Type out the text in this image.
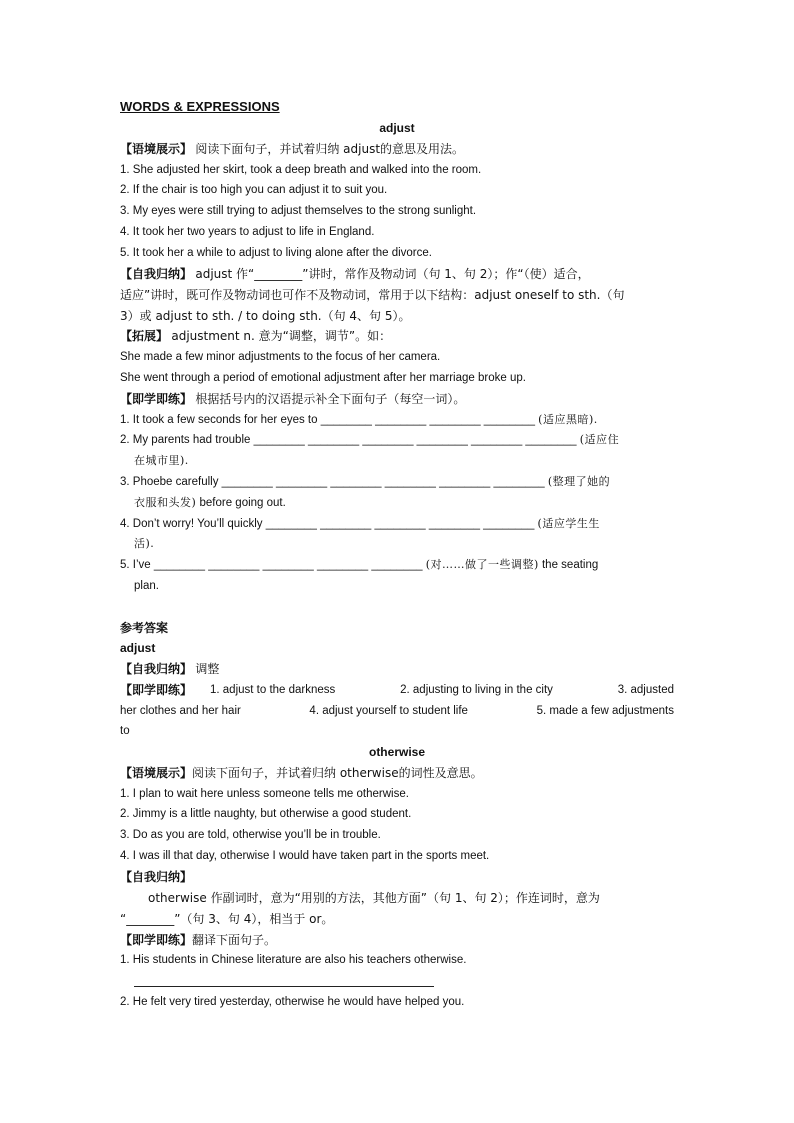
WORDS & EXPRESSIONS
adjust
【语境展示】 阅读下面句子，并试着归纳 adjust的意思及用法。
1. She adjusted her skirt, took a deep breath and walked into the room.
2. If the chair is too high you can adjust it to suit you.
3. My eyes were still trying to adjust themselves to the strong sunlight.
4. It took her two years to adjust to life in England.
5. It took her a while to adjust to living alone after the divorce.
【自我归纳】 adjust 作“________”讲时，常作及物动词（句 1、句 2）；作“（使）适合，
适应”讲时，既可作及物动词也可作不及物动词，常用于以下结构：adjust oneself to sth.（句
3）或 adjust to sth. / to doing sth.（句 4、句 5）。
【拓展】 adjustment n. 意为“调整，调节”。如：
She made a few minor adjustments to the focus of her camera.
She went through a period of emotional adjustment after her marriage broke up.
【即学即练】 根据括号内的汉语提示补全下面句子（每空一词）。
1. It took a few seconds for her eyes to ________ ________ ________ ________ (适应黑暗).
2. My parents had trouble ________ ________ ________ ________ ________ ________ (适应住
在城市里).
3. Phoebe carefully ________ ________ ________ ________ ________ ________ (整理了她的
衣服和头发) before going out.
4. Don’t worry! You’ll quickly ________ ________ ________ ________ ________ (适应学生生
活).
5. I’ve ________ ________ ________ ________ ________ (对……做了一些调整) the seating
plan.
参考答案
adjust
【自我归纳】 调整
【即学即练】	1. adjust to the darkness	2. adjusting to living in the city	3. adjusted
her clothes and her hair	4. adjust yourself to student life	5. made a few adjustments
to
otherwise
【语境展示】阅读下面句子，并试着归纳 otherwise的词性及意思。
1. I plan to wait here unless someone tells me otherwise.
2. Jimmy is a little naughty, but otherwise a good student.
3. Do as you are told, otherwise you’ll be in trouble.
4. I was ill that day, otherwise I would have taken part in the sports meet.
【自我归纳】
otherwise 作副词时，意为“用别的方法，其他方面”（句 1、句 2）；作连词时，意为
“________”（句 3、句 4），相当于 or。
【即学即练】翻译下面句子。
1. His students in Chinese literature are also his teachers otherwise.
2. He felt very tired yesterday, otherwise he would have helped you.
